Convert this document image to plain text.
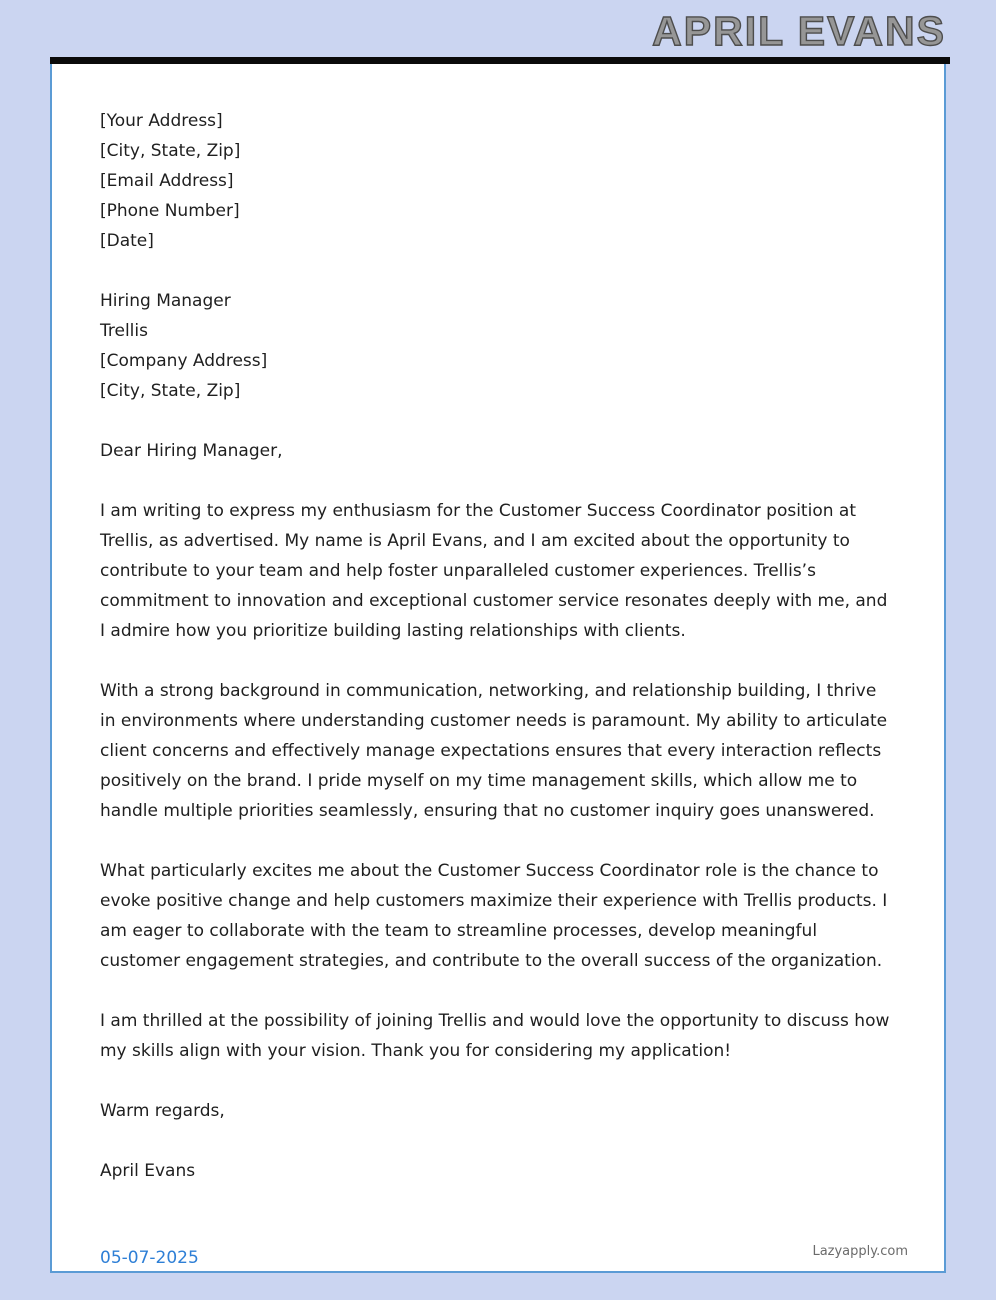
APRIL EVANS
[Your Address]
[City, State, Zip]
[Email Address]
[Phone Number]
[Date]
Hiring Manager
Trellis
[Company Address]
[City, State, Zip]
Dear Hiring Manager,

I am writing to express my enthusiasm for the Customer Success Coordinator position at Trellis, as advertised. My name is April Evans, and I am excited about the opportunity to contribute to your team and help foster unparalleled customer experiences. Trellis’s commitment to innovation and exceptional customer service resonates deeply with me, and I admire how you prioritize building lasting relationships with clients.

With a strong background in communication, networking, and relationship building, I thrive in environments where understanding customer needs is paramount. My ability to articulate client concerns and effectively manage expectations ensures that every interaction reflects positively on the brand. I pride myself on my time management skills, which allow me to handle multiple priorities seamlessly, ensuring that no customer inquiry goes unanswered.

What particularly excites me about the Customer Success Coordinator role is the chance to evoke positive change and help customers maximize their experience with Trellis products. I am eager to collaborate with the team to streamline processes, develop meaningful customer engagement strategies, and contribute to the overall success of the organization.

I am thrilled at the possibility of joining Trellis and would love the opportunity to discuss how my skills align with your vision. Thank you for considering my application!

Warm regards,
April Evans
05-07-2025	Lazyapply.com
